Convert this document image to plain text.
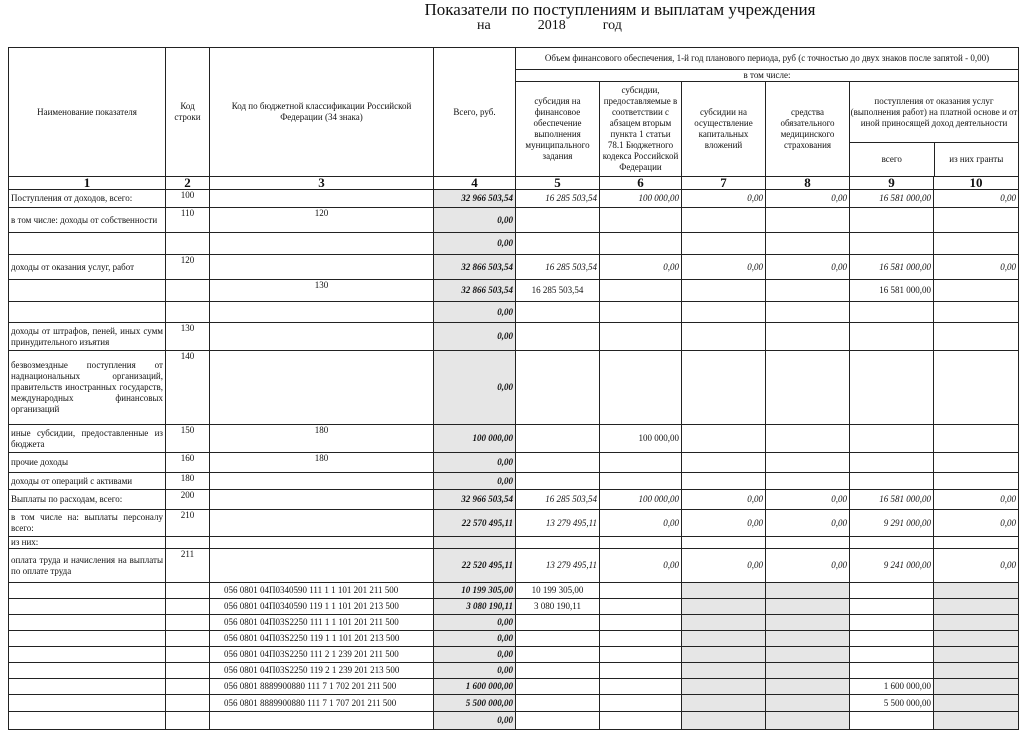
Показатели по поступлениям и выплатам учреждения
на	2018	год
Наименование показателя	Код строки	Код по бюджетной классификации Российской Федерации (34 знака)	Всего, руб.	Объем финансового обеспечения, 1-й год планового периода, руб (с точностью до двух знаков после запятой - 0,00)					
				в том числе:					
				субсидия на финансовое обеспечение выполнения муниципального задания	субсидии, предоставляемые в соответствии с абзацем вторым пункта 1 статьи 78.1 Бюджетного кодекса Российской Федерации	субсидии на осуществление капитальных вложений	средства обязательного медицинского страхования	поступления от оказания услуг (выполнения работ) на платной основе и от иной приносящей доход деятельности
всего из них гранты	

1	2	3	4	5	6	7	8	9	10
Поступления от доходов, всего:	100		32 966 503,54	16 285 503,54	100 000,00	0,00	0,00	16 581 000,00	0,00
в том числе: доходы от собственности	110	120	0,00						
			0,00						
доходы от оказания услуг, работ	120		32 866 503,54	16 285 503,54	0,00	0,00	0,00	16 581 000,00	0,00
		130	32 866 503,54	16 285 503,54				16 581 000,00	
			0,00						
доходы от штрафов, пеней, иных сумм принудительного изъятия	130		0,00						
безвозмездные поступления от наднациональных организаций, правительств иностранных государств, международных финансовых организаций	140		0,00						
иные субсидии, предоставленные из бюджета	150	180	100 000,00		100 000,00				
прочие доходы	160	180	0,00						
доходы от операций с активами	180		0,00						
Выплаты по расходам, всего:	200		32 966 503,54	16 285 503,54	100 000,00	0,00	0,00	16 581 000,00	0,00
в том числе на: выплаты персоналу всего:	210		22 570 495,11	13 279 495,11	0,00	0,00	0,00	9 291 000,00	0,00
из них:									
оплата труда и начисления на выплаты по оплате труда	211		22 520 495,11	13 279 495,11	0,00	0,00	0,00	9 241 000,00	0,00
		056 0801 04П0340590 111 1 1 101 201 211 500	10 199 305,00	10 199 305,00					
		056 0801 04П0340590 119 1 1 101 201 213 500	3 080 190,11	3 080 190,11					
		056 0801 04П03S2250 111 1 1 101 201 211 500	0,00						
		056 0801 04П03S2250 119 1 1 101 201 213 500	0,00						
		056 0801 04П03S2250 111 2 1 239 201 211 500	0,00						
		056 0801 04П03S2250 119 2 1 239 201 213 500	0,00						
		056 0801 8889900880 111 7 1 702 201 211 500	1 600 000,00					1 600 000,00	
		056 0801 8889900880 111 7 1 707 201 211 500	5 500 000,00					5 500 000,00	
			0,00						
